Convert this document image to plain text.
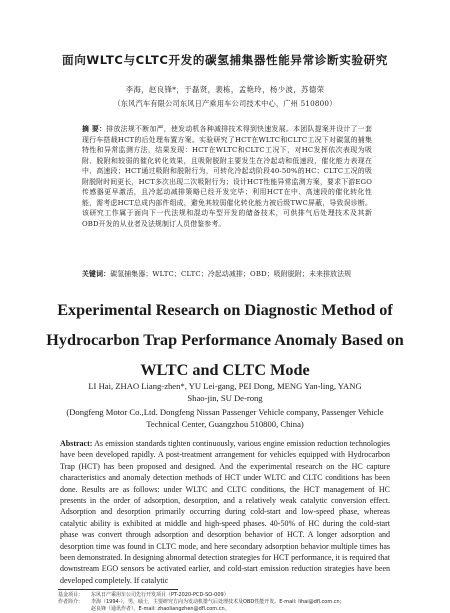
面向WLTC与CLTC开发的碳氢捕集器性能异常诊断实验研究
李海，赵良锋*，于磊贤，裴栋，孟艳玲，杨少波，苏德荣
（东风汽车有限公司东风日产乘用车公司技术中心，广州 510800）
摘 要：排放法规不断加严，使发动机各种减排技术得到快速发展。本团队提案并设计了一套现行车搭载HCT的后处理布置方案。实验研究了HCT在WLTC和CLTC工况下对碳氢的捕集特性和异常监测方法，结果发现：HCT在WLTC和CLTC工况下，对HC发挥依次表现为吸附、脱附和较弱的催化转化效果，且吸附脱附主要发生在冷起动和低速段，催化能力表现在中、高速段；HCT通过吸附和脱附行为，可转化冷起动阶段40-50%的HC；CLTC工况的吸附脱附时间更长，HCT多次出现二次吸附行为；设计HCT性能异常监测方案，要求下游EGO传感器更早激活，且冷起动减排策略已经开发完毕；利用HCT在中、高速段的催化转化性能，需考虑HCT总成内部件组成，避免其较弱催化转化能力被后级TWC屏蔽，导致误诊断。该研究工作属于面向下一代法规和混动车型开发的储备技术，可供排气后处理技术及其新OBD开发的从业者及法规制订人员借鉴参考。
关键词：碳氢捕集器；WLTC；CLTC；冷起动减排；OBD；吸附脱附；未来排放法规
Experimental Research on Diagnostic Method of Hydrocarbon Trap Performance Anomaly Based on WLTC and CLTC Mode
LI Hai, ZHAO Liang-zhen*, YU Lei-gang, PEI Dong, MENG Yan-ling, YANG Shao-jin, SU De-rong
(Dongfeng Motor Co.,Ltd. Dongfeng Nissan Passenger Vehicle company, Passenger Vehicle Technical Center, Guangzhou 510800, China)
Abstract: As emission standards tighten continuously, various engine emission reduction technologies have been developed rapidly. A post-treatment arrangement for vehicles equipped with Hydrocarbon Trap (HCT) has been proposed and designed. And the experimental research on the HC capture characteristics and anomaly detection methods of HCT under WLTC and CLTC conditions has been done. Results are as follows: under WLTC and CLTC conditions, the HCT management of HC presents in the order of adsorption, desorption, and a relatively weak catalytic conversion effect. Adsorption and desorption primarily occurring during cold-start and low-speed phase, whereas catalytic ability is exhibited at middle and high-speed phases. 40-50% of HC during the cold-start phase was convert through adsorption and desorption behavior of HCT. A longer adsorption and desorption time was found in CLTC mode, and here secondary adsorption behavior multiple times has been demonstrated. In designing abnormal detection strategies for HCT performance, it is required that downstream EGO sensors be activated earlier, and cold-start emission reduction strategies have been developed completely. If catalytic
基金项目：	东风日产乘用车公司先行开发项目（PT-2020-PCD-SO-009）
作者简介：	李海（1994-），男，硕士，主要研究方向为发动机排气后处理技术及OBD性能开发。E-mail: lihai@dfl.com.cn;
赵良锋（通讯作者），E-mail: zhaoliangzhen@dfl.com.cn。
